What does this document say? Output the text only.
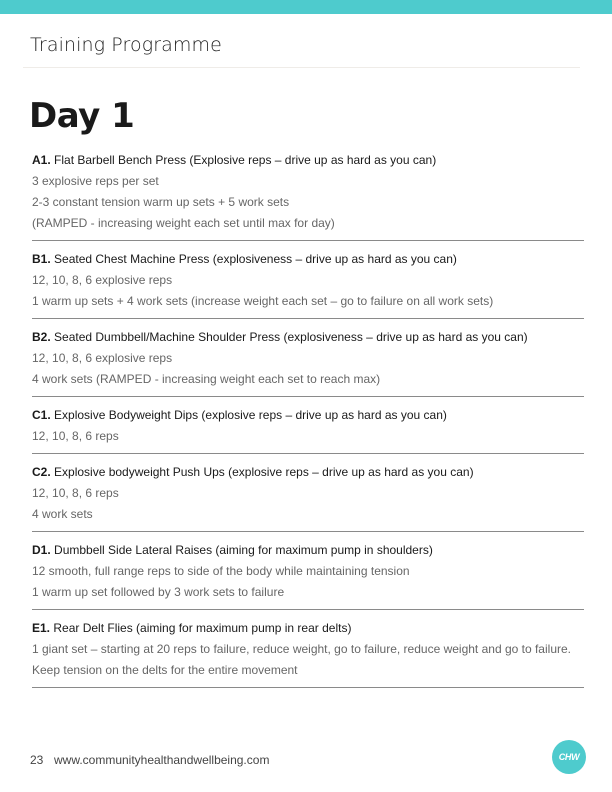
Training Programme
Day 1
A1. Flat Barbell Bench Press (Explosive reps – drive up as hard as you can)
3 explosive reps per set
2-3 constant tension warm up sets + 5 work sets
(RAMPED - increasing weight each set until max for day)
B1. Seated Chest Machine Press (explosiveness – drive up as hard as you can)
12, 10, 8, 6 explosive reps
1 warm up sets + 4 work sets (increase weight each set – go to failure on all work sets)
B2. Seated Dumbbell/Machine Shoulder Press (explosiveness – drive up as hard as you can)
12, 10, 8, 6 explosive reps
4 work sets (RAMPED - increasing weight each set to reach max)
C1. Explosive Bodyweight Dips (explosive reps – drive up as hard as you can)
12, 10, 8, 6 reps
C2. Explosive bodyweight Push Ups (explosive reps – drive up as hard as you can)
12, 10, 8, 6 reps
4 work sets
D1. Dumbbell Side Lateral Raises (aiming for maximum pump in shoulders)
12 smooth, full range reps to side of the body while maintaining tension
1 warm up set followed by 3 work sets to failure
E1. Rear Delt Flies (aiming for maximum pump in rear delts)
1 giant set – starting at 20 reps to failure, reduce weight, go to failure, reduce weight and go to failure.
Keep tension on the delts for the entire movement
23 www.communityhealthandwellbeing.com	CHW
